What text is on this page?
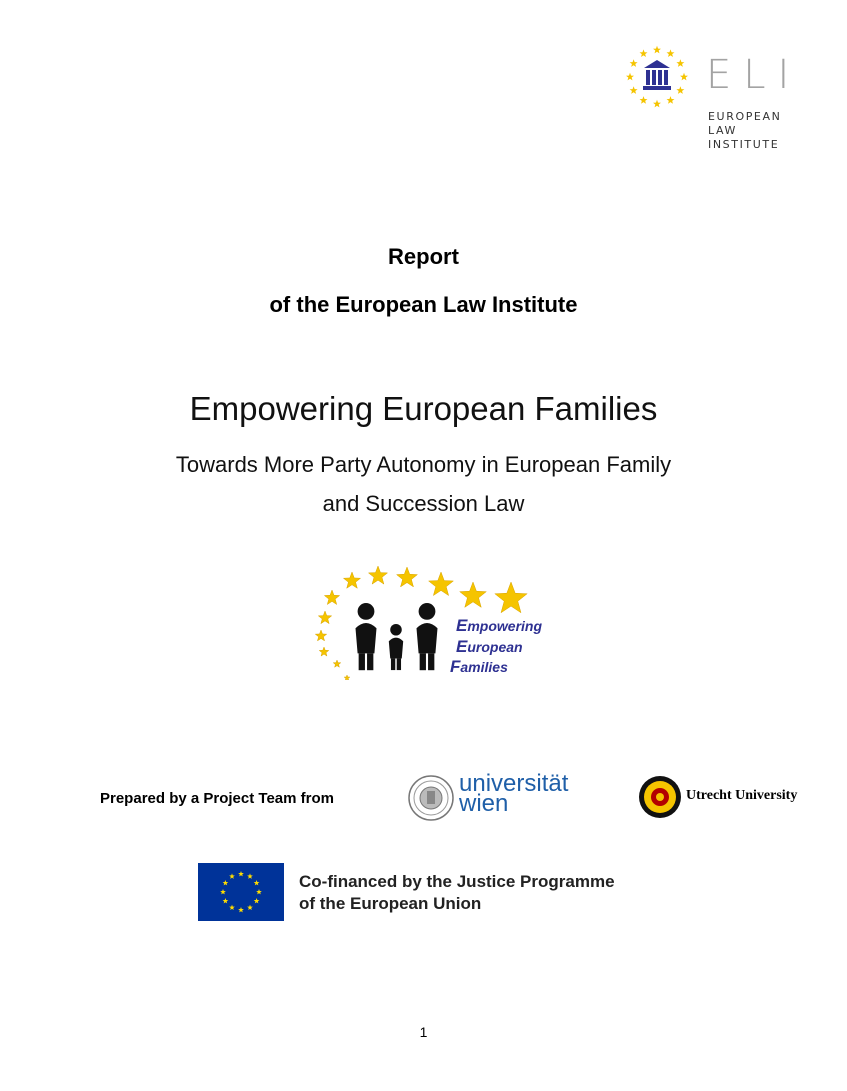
ELI
EUROPEAN
LAW
INSTITUTE
Report
of the European Law Institute
Empowering European Families
Towards More Party Autonomy in European Family
and Succession Law
Empowering
European
Families
Prepared by a Project Team from
universität
wien	Utrecht University
Co-financed by the Justice Programme
of the European Union
1
